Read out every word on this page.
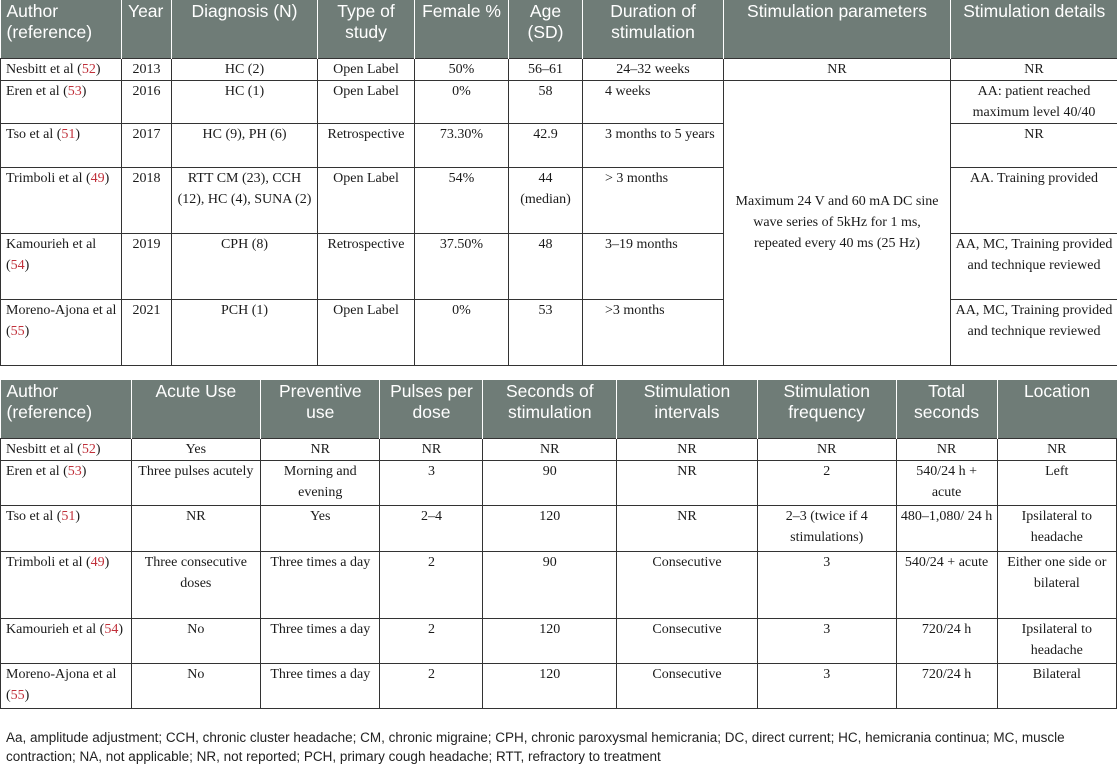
Author (reference)	Year	Diagnosis (N)	Type of study	Female %	Age (SD)	Duration of stimulation	Stimulation parameters	Stimulation details
Nesbitt et al (52)	2013	HC (2)	Open Label	50%	56–61	24–32 weeks	NR	NR
Eren et al (53)	2016	HC (1)	Open Label	0%	58	4 weeks	Maximum 24 V and 60 mA DC sine wave series of 5kHz for 1 ms, repeated every 40 ms (25 Hz)	AA: patient reached maximum level 40/40
Tso et al (51)	2017	HC (9), PH (6)	Retrospective	73.30%	42.9	3 months to 5 years		NR
Trimboli et al (49)	2018	RTT CM (23), CCH (12), HC (4), SUNA (2)	Open Label	54%	44 (median)	> 3 months		AA. Training provided
Kamourieh et al (54)	2019	CPH (8)	Retrospective	37.50%	48	3–19 months		AA, MC, Training provided and technique reviewed
Moreno-Ajona et al (55)	2021	PCH (1)	Open Label	0%	53	>3 months		AA, MC, Training provided and technique reviewed
Author (reference)	Acute Use	Preventive use	Pulses per dose	Seconds of stimulation	Stimulation intervals	Stimulation frequency	Total seconds	Location
Nesbitt et al (52)	Yes	NR	NR	NR	NR	NR	NR	NR
Eren et al (53)	Three pulses acutely	Morning and evening	3	90	NR	2	540/24 h + acute	Left
Tso et al (51)	NR	Yes	2–4	120	NR	2–3 (twice if 4 stimulations)	480–1,080/ 24 h	Ipsilateral to headache
Trimboli et al (49)	Three consecutive doses	Three times a day	2	90	Consecutive	3	540/24 + acute	Either one side or bilateral
Kamourieh et al (54)	No	Three times a day	2	120	Consecutive	3	720/24 h	Ipsilateral to headache
Moreno-Ajona et al (55)	No	Three times a day	2	120	Consecutive	3	720/24 h	Bilateral
Aa, amplitude adjustment; CCH, chronic cluster headache; CM, chronic migraine; CPH, chronic paroxysmal hemicrania; DC, direct current; HC, hemicrania continua; MC, muscle contraction; NA, not applicable; NR, not reported; PCH, primary cough headache; RTT, refractory to treatment
